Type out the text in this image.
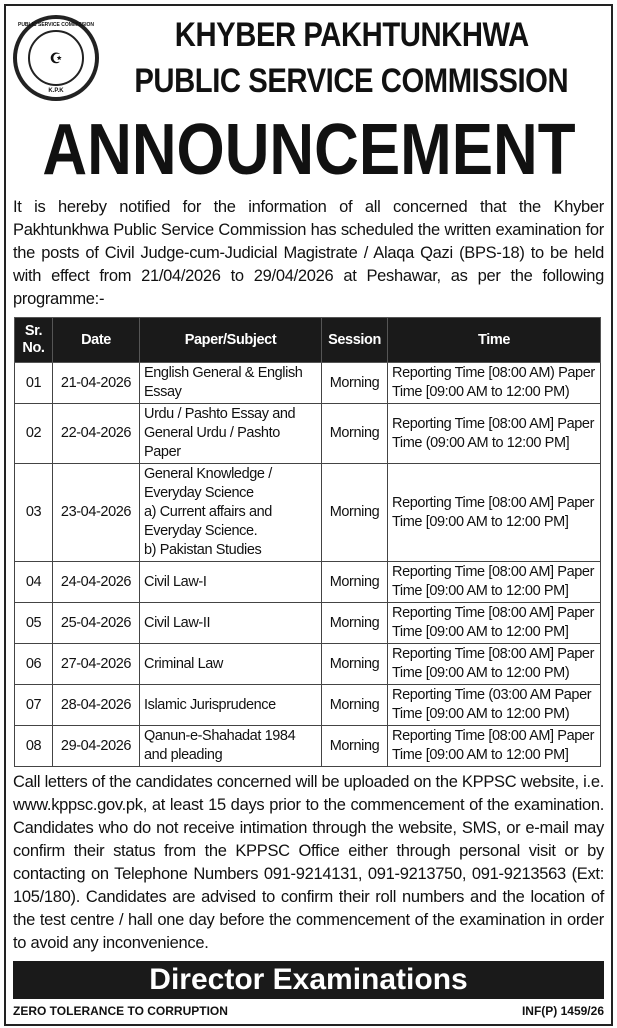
PUBLIC SERVICE COMMISSION
☪
K.P.K
KHYBER PAKHTUNKHWA
PUBLIC SERVICE COMMISSION
ANNOUNCEMENT

It is hereby notified for the information of all concerned that the Khyber Pakhtunkhwa Public Service Commission has scheduled the written examination for the posts of Civil Judge-cum-Judicial Magistrate / Alaqa Qazi (BPS-18) to be held with effect from 21/04/2026 to 29/04/2026 at Peshawar, as per the following programme:-

Sr. No.	Date	Paper/Subject	Session	Time
01	21-04-2026	English General & English Essay	Morning	Reporting Time [08:00 AM) Paper Time [09:00 AM to 12:00 PM)
02	22-04-2026	Urdu / Pashto Essay and General Urdu / Pashto Paper	Morning	Reporting Time [08:00 AM] Paper Time (09:00 AM to 12:00 PM]
03	23-04-2026	General Knowledge / Everyday Science
a) Current affairs and
Everyday Science.
b) Pakistan Studies	Morning	Reporting Time [08:00 AM] Paper Time [09:00 AM to 12:00 PM]
04	24-04-2026	Civil Law-I	Morning	Reporting Time [08:00 AM] Paper Time [09:00 AM to 12:00 PM]
05	25-04-2026	Civil Law-II	Morning	Reporting Time [08:00 AM] Paper Time [09:00 AM to 12:00 PM]
06	27-04-2026	Criminal Law	Morning	Reporting Time [08:00 AM] Paper Time [09:00 AM to 12:00 PM)
07	28-04-2026	Islamic Jurisprudence	Morning	Reporting Time (03:00 AM Paper Time [09:00 AM to 12:00 PM)
08	29-04-2026	Qanun-e-Shahadat 1984 and pleading	Morning	Reporting Time [08:00 AM] Paper Time [09:00 AM to 12:00 PM]

Call letters of the candidates concerned will be uploaded on the KPPSC website, i.e. www.kppsc.gov.pk, at least 15 days prior to the commencement of the examination. Candidates who do not receive intimation through the website, SMS, or e-mail may confirm their status from the KPPSC Office either through personal visit or by contacting on Telephone Numbers 091-9214131, 091-9213750, 091-9213563 (Ext: 105/180). Candidates are advised to confirm their roll numbers and the location of the test centre / hall one day before the commencement of the examination in order to avoid any inconvenience.

Director Examinations
ZERO TOLERANCE TO CORRUPTION	INF(P) 1459/26
